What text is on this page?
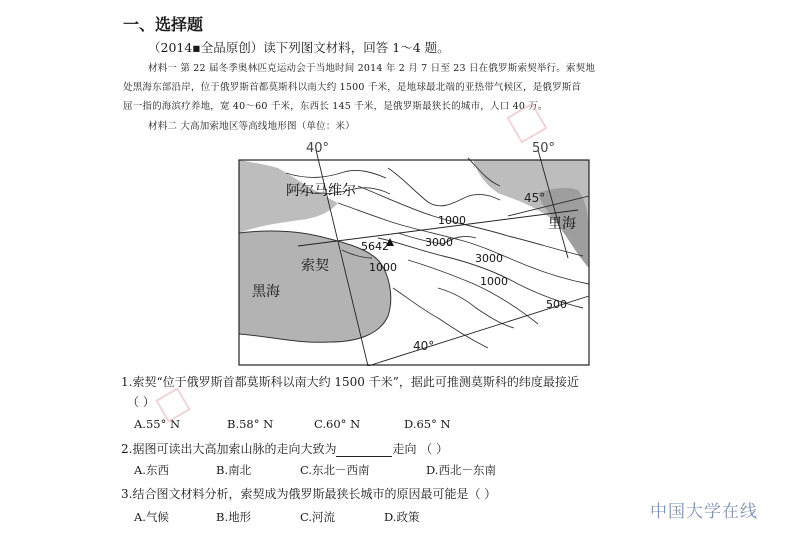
一、选择题
（2014▪全品原创）读下列图文材料，回答 1～4 题。
材料一 第 22 届冬季奥林匹克运动会于当地时间 2014 年 2 月 7 日至 23 日在俄罗斯索契举行。索契地
处黑海东部沿岸，位于俄罗斯首都莫斯科以南大约 1500 千米，是地球最北端的亚热带气候区，是俄罗斯首
屈一指的海滨疗养地，宽 40～60 千米，东西长 145 千米，是俄罗斯最狭长的城市，人口 40 万。
材料二 大高加索地区等高线地形图（单位：米）
40°	50°
45°
40°
阿尔马维尔
索契
黑海
里海
5642
1000
3000
1000
3000
1000
500
1.索契“位于俄罗斯首都莫斯科以南大约 1500 千米”，据此可推测莫斯科的纬度最接近
（ ）
A.55° N	B.58° N	C.60° N	D.65° N
2.据图可读出大高加索山脉的走向大致为	走向 （ ）
A.东西	B.南北	C.东北－西南	D.西北－东南
3.结合图文材料分析，索契成为俄罗斯最狭长城市的原因最可能是（ ）
A.气候	B.地形	C.河流	D.政策	中国大学在线
